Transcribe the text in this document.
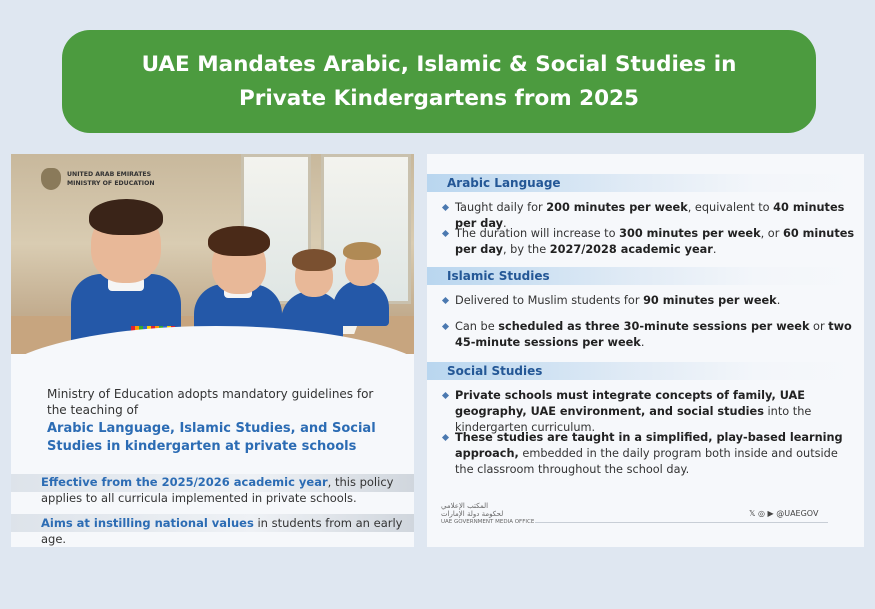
UAE Mandates Arabic, Islamic & Social Studies in
Private Kindergartens from 2025
UNITED ARAB EMIRATES
MINISTRY OF EDUCATION
Ministry of Education adopts mandatory guidelines for the teaching of
Arabic Language, Islamic Studies, and Social Studies in kindergarten at private schools
Effective from the 2025/2026 academic year, this policy applies to all curricula implemented in private schools.
Aims at instilling national values in students from an early age.
Arabic Language
Taught daily for 200 minutes per week, equivalent to 40 minutes per day.
The duration will increase to 300 minutes per week, or 60 minutes per day, by the 2027/2028 academic year.
Islamic Studies
Delivered to Muslim students for 90 minutes per week.
Can be scheduled as three 30-minute sessions per week or two 45-minute sessions per week.
Social Studies
Private schools must integrate concepts of family, UAE geography, UAE environment, and social studies into the kindergarten curriculum.
These studies are taught in a simplified, play-based learning approach, embedded in the daily program both inside and outside the classroom throughout the school day.
المكتب الإعلامي
لحكومة دولة الإمارات
UAE GOVERNMENT MEDIA OFFICE
𝕏 ◎ ▶ @UAEGOV
